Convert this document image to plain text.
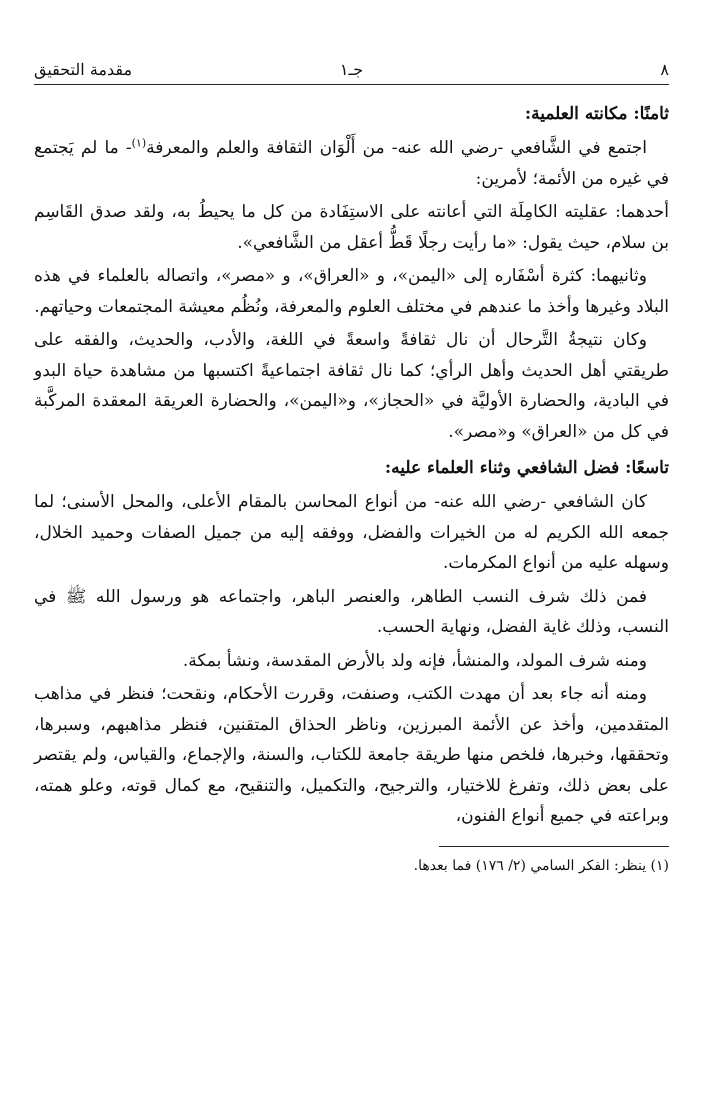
٨
جـ١
مقدمة التحقيق
ثامنًا: مكانته العلمية:

اجتمع في الشَّافعي -رضي الله عنه- من أَلْوَان الثقافة والعلم والمعرفة$^{(١)}$- ما لم يَجتمع في غيره من الأئمة؛ لأمرين:

أحدهما: عقليته الكامِلَة التي أعانته على الاستِفَادة من كل ما يحيطُ به، ولقد صدق القَاسِم بن سلام، حيث يقول: «ما رأيت رجلًا قَطُّ أعقل من الشَّافعي».

وثانيهما: كثرة أسْفَاره إلى «اليمن»، و «العراق»، و «مصر»، واتصاله بالعلماء في هذه البلاد وغيرها وأخذ ما عندهم في مختلف العلوم والمعرفة، ونُظُم معيشة المجتمعات وحياتهم.

وكان نتيجةُ التَّرحال أن نال ثقافةً واسعةً في اللغة، والأدب، والحديث، والفقه على طريقتي أهل الحديث وأهل الرأي؛ كما نال ثقافة اجتماعيةً اكتسبها من مشاهدة حياة البدو في البادية، والحضارة الأوليَّة في «الحجاز»، و«اليمن»، والحضارة العريقة المعقدة المركَّبة في كل من «العراق» و«مصر».

تاسعًا: فضل الشافعي وثناء العلماء عليه:

كان الشافعي -رضي الله عنه- من أنواع المحاسن بالمقام الأعلى، والمحل الأسنى؛ لما جمعه الله الكريم له من الخيرات والفضل، ووفقه إليه من جميل الصفات وحميد الخلال، وسهله عليه من أنواع المكرمات.

فمن ذلك شرف النسب الطاهر، والعنصر الباهر، واجتماعه هو ورسول الله ﷺ في النسب، وذلك غاية الفضل، ونهاية الحسب.

ومنه شرف المولد، والمنشأ، فإنه ولد بالأرض المقدسة، ونشأ بمكة.

ومنه أنه جاء بعد أن مهدت الكتب، وصنفت، وقررت الأحكام، ونقحت؛ فنظر في مذاهب المتقدمين، وأخذ عن الأئمة المبرزين، وناظر الحذاق المتقنين، فنظر مذاهبهم، وسبرها، وتحققها، وخبرها، فلخص منها طريقة جامعة للكتاب، والسنة، والإجماع، والقياس، ولم يقتصر على بعض ذلك، وتفرغ للاختيار، والترجيح، والتكميل، والتنقيح، مع كمال قوته، وعلو همته، وبراعته في جميع أنواع الفنون،

(١) ينظر: الفكر السامي (٢/ ١٧٦) فما بعدها.
